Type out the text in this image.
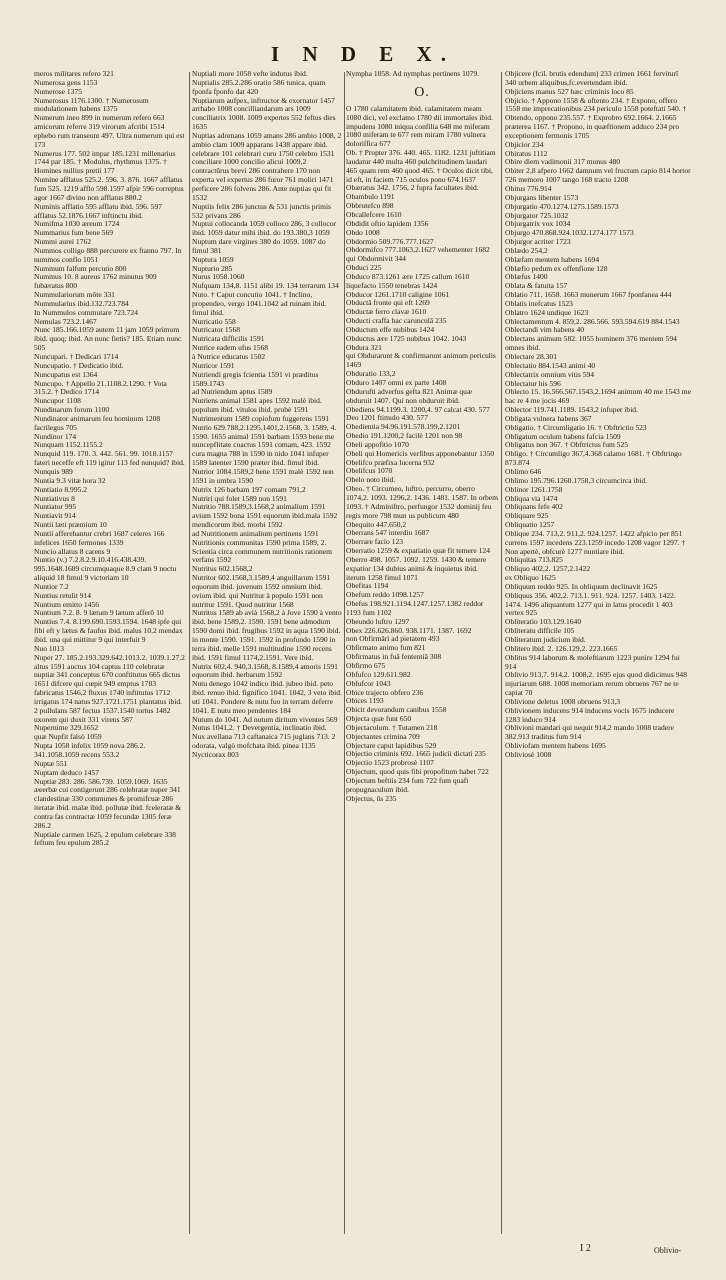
I N D E X.

meros militares refero 321

Numerosa gens 1153

Numerose 1375

Numerosus 1176.1300. † Numerosum modulationem habens 1375

Numerum ineo 899 in numerum refero 663 amicorum referre 319 virorum afcribi 1514 ephebo rum transeunt 497. Ultra numerum qui est 173

Numerus 177. 502 impar 185.1231 millenarius 1744 par 185. † Modulus, rhythmus 1375. † Homines nullius pretii 177

Numine afflatus 525.2. 596. 3. 876. 1667 afflatus fum 525. 1219 afflo 598.1597 afpir 596 correptus agor 1667 divino non afflatus 880.2

Numinis afflatio 595 afflatu ibid. 596. 597 afflatus 52.1876.1667 inftinctu ibid.

Numifma 1030 æreum 1724

Nummarius fum bene 569

Nummi aurei 1762

Nummos colligo 888 percurere ex ftanno 797. In nummos conflo 1051

Nummum falfum percutio 800

Nummus 10. 8 aureus 1762 minutus 909 fubæratus 800

Nummulariorum mōte 331

Nummularius ibid.132.723.784

In Nummulos commutare 723.724

Nemulas 723.2.1467

Nunc 185.166.1059 autem 11 jam 1059 primum ibid. quoq; ibid. An nunc fietis? 185. Etiam nunc 505

Nuncupari. † Dedicari 1714

Nuncupatio. † Dedicatio ibid.

Nuncupatus est 1364

Nuncupo. † Appello 21.1108.2.1290. † Vota 315.2. † Dedico 1714

Nuncupor 1108

Nundinarum forum 1100

Nundinator animarum feu hominum 1208 facrilegus 705

Nundinor 174

Nunquam 1152.1155.2

Nunquid 119. 170. 3. 442. 561. 99. 1018.1157 fateri neceffe eft 119 igitur 113 fed nunquid? ibid.

Nunquis 989

Nuntia 9.3 vitæ hora 32

Nuntiatio 8.995.2

Nuntiativus 8

Nuntiator 995

Nuntiavit 914

Nuntii læti præmium 10

Nuntii afferebantur crebri 1687 celeres 166 infelices 1650 fermones 1339

Nuncio allatus 8 carens 9

Nuntio (v.) 7.2.8.2.9.10.416.438.439. 995.1648.1689 circumquaque 8.9 clam 9 noctu aliquid 18 fimul 9 victoriam 10

Nuntior 7.2

Nuntius retulit 914

Nuntium emitto 1456

Nuntium 7.2. 8. 9 lætum 9 lætum afferō 10

Nuntius 7.4. 8.199.690.1593.1594. 1648 ipfe qui fibi eft y lætus & faufus ibid. malus 10.2 mendax ibid. una qui mittitur 9 qui interfuit 9

Nuo 1013

Nuper 27. 185.2.193.329.642.1013.2. 1039.1.27.2 altus 1591 auctus 104 captus 110 celebratæ nuptiæ 341 conceptus 670 conftitutus 665 dictus 1651 difcere qui cœpit 949 emptus 1783 fabricatus 1546,2 fluxus 1740 inftitutus 1712 irrigatus 174 natus 927.1721.1751 plantatus ibid. 2 pullulans 587 fectus 1537.1540 tortus 1482 uxorem qui duxit 331 virens 587

Nupernime 329.1652

quæ Nupfit falsò 1059

Nupta 1058 infelix 1059 nova 286.2. 341.1058.1059 recens 553.2

Nuptæ 551

Nuptam deduco 1457

Nuptiæ 283. 286. 586.739. 1059.1069. 1635 æeerbæ cui contigerunt 286 celebratæ nuper 341 clandestinæ 330 communes & promifcuæ 286 iteratæ ibid. malæ ibid. pollutæ ibid. fceleratæ & contra fas contractæ 1059 fecundæ 1305 feræ 286.2

Nuptiale carmen 1625, 2 epulum celebrare 338 feftum feu epulum 285.2

Nuptiali more 1058 vefte indutus ibid.

Nuptialis 285.2.286 oratio 586 tunica, quam fponfa fponfo dat 420

Nuptiarum aufpex, inftructor & exornator 1457 arrhabo 1008 concilliandarum ars 1009 conciliatrix 1008. 1009 expertes 552 feftus dies 1635

Nuptias adornans 1059 amans 286 ambio 1008, 2 ambio clam 1009 apparans 1438 appare ibid. celebrare 101 celebrari curo 1750 celebro 1531 conciliare 1000 concilio alicui 1009,2 contractūrus brevi 286 contrahere 170 non experta vel expertus 286 furor 761 moliri 1471 perficere 286 folvens 286. Ante nuptias qui fit 1532

Nuptiis felix 286 junctus & 531 junctis primis 532 privans 286

Nuptui collocanda 1059 colloco 286, 3 collocor ibid. 1059 datur mihi ibid. do 193.380,3 1059

Nuptum dare virgines 380 do 1059. 1087 do fimul 381

Nuptura 1059

Nupturio 285

Nurus 1058.1060

Nufquam 134,8. 1151 alibi 19. 134 terrarum 134

Nuto. † Caput concutio 1041. † Inclino, propendeo, vergo 1041.1042 ad ruinam ibid. fimul ibid.

Nutricatio 558

Nutricator 1568

Nutricata difficilis 1591

Nutrice eadem ufus 1568

à Nutrice educatus 1502

Nutricor 1591

Nutriendi gregis fcientia 1591 vi præditus 1589.1743

ad Nutriendum aptus 1589

Nutriens animal 1581 apes 1592 malè ibid. populum ibid. vitulos ibid. probè 1591

Nutrimentum 1589 copiofum fuggerens 1591

Nutrio 629.788,2.1295.1401,2.1568, 3. 1589, 4. 1590. 1655 animal 1591 barbam 1593 bene me nuncepflitate coactus 1591 comam, 423. 1592 cura magna 788 in 1590 in nido 1041 infuper 1589 latenter 1590 præter ibid. fimul ibid.

Nutrior 1084.1589,2 bene 1591 malè 1592 non 1591 in umbra 1590

Nutrix 126 barbam 197 comam 791,2

Nutriri qui folet 1589 non 1591

Nutritio 788.1589,3.1568,2 animalium 1591 avium 1592 bona 1591 equorum ibid.mala 1592 mendicorum ibid. morbi 1592

ad Nutritionem animalium pertinens 1591

Nutritionis communitas 1590 prima 1589, 2. Scientia circa communem nutritionis rationem verfans 1592

Nutritus 602.1568,2

Nutritor 602.1568,3.1589,4 anguillarum 1591 equorum ibid. juvenum 1592 omnium ibid. ovium ibid. qui Nutritur à populo 1591 non nutritur 1591. Quod nutritur 1568

Nutritus 1589 ab avià 1568,2 à Jove 1590 à vento ibid. bene 1589,2. 1590. 1591 bene admodum 1590 domi ibid. frugibus 1592 in aqua 1590 ibid. in monte 1590. 1591. 1592 in profundo 1590 in terra ibid. melle 1591 multitudine 1590 recens ibid. 1591 fimul 1174,2.1591. Vere ibid.

Nutrix 602,4. 940,3.1568, 8.1589,4 amoris 1591 equorum ibid. herbarum 1592

Nutu denego 1042 indico ibid. jubeo ibid. peto ibid. renuo ibid. fignifico 1041. 1042, 3 veto ibid. uti 1041. Pondere & nutu fuo in terram deferre 1041. E nutu meo pendentes 184

Nutum do 1041. Ad nutum diritum viventes 569

Nutus 1041,2. † Devergentia, inclinatio ibid.

Nux avellana 713 caftanaica 715 juglans 713. 2 odorata, valgò mofchata ibid. pinea 1135

Nycticorax 803

Nympha 1058. Ad nymphas pertinens 1079.

O.

O 1780 calamitatem ibid. calamitatem meam 1080 dici, vel exclamo 1780 dii immortales ibid. impudens 1080 iniqua confilia 648 me miferam 1080 miferam te 677 rem miram 1780 vulnera doloriſfica 677

Ob. † Propter 376. 440. 465. 1182. 1231 juftitiam laudatur 440 multa 460 pulchritudinem laudari 465 quam rem 460 quod 465. † Oculos dicit tibi, id eft, in faciem 715 oculos pono 674.1637

Obæratus 342. 1756, 2 fupra facultates ibid.

Obambulo 1191

Obbrutefco 898

Obcallefcere 1610

Obdidit oftio lapidem 1356

Obdo 1008

Obdormio 509.776.777.1627

Obdormifco 777.1063,2.1627 vehementer 1682

qui Obdormivit 344

Obduci 225

Obduco 873.1261 ære 1725 callum 1610 liquefacto 1550 tenebras 1424

Obducor 1261.1710 caligine 1061

Obductâ fronte qui eft 1269

Obductæ ferro clavæ 1610

Obducti craffa hac carunculâ 235

Obductum effe nubibus 1424

Obductus ære 1725 nubibus 1042. 1043

Obdura 321

qui Obdurarunt & confirmarunt animum periculis 1469

Obduratio 133,2

Obduro 1407 omni ex parte 1408

Obdurufti adverfus gefta 821 Animæ quæ obduruit 1407. Qui non obduruit ibid.

Obediens 94.1199.3. 1200,4. 97 calcat 430. 577 Deo 1201 ftimulo 430. 577

Obedientia 94.96.191.578.199,2.1201

Obedio 191.1200,2 facilè 1201 non 98

Obeli appofitio 1070

Obeli qui Homericis verfibus apponebantur 1350

Obelifco præfixa lucerna 932

Obelifcus 1070

Obelo noto ibid.

Obeo. † Circumeo, luftro, percurro, oberro 1074,2. 1093. 1296,2. 1436. 1481. 1587. In orbem 1093. † Adminiftro, perfungor 1532 dominij feu regis more 798 mun us publicum 480

Obequito 447.650,2

Oberrans 547 interdiu 1687

Oberrare facio 123

Oberratio 1259 & expatiatio quæ fit temere 124

Oberro 498. 1057. 1092. 1259. 1430 & temere expatior 134 dubius animi & inquietus ibid. iterum 1258 fimul 1071

Obefitas 1194

Obefum reddo 1098.1257

Obefus 198.921.1194.1247.1257.1382 reddor 1193 fum 1102

Obeundo luftro 1297

Obex 226.626.860. 938.1171. 1387. 1692

non Obfirmâri ad pietatem 493

Obfirmato animo fum 821

Obfirmatus in fuâ fententiâ 308

Obfirmo 675

Obfufco 129.611.982

Obfufcor 1043

Obice trajecto obfero 236

Obices 1193

Obicit devorandum canibus 1558

Objecta quæ funt 650

Objectaculum. † Tutamen 218

Objectantes crimina 709

Objectare caput lapidibus 529

Objectio criminis 692. 1665 judicii dictati 235

Objectio 1523 probrosè 1107

Objectum, quod quis fibi propofitum habet 722

Objectum beftiis 234 fum 722 fum quafi propugnaculum ibid.

Objectus, ûs 235

Objicere (fcil. brutis edendum) 233 crimen 1661 ferviturî 340 urbem aliquibus,fc.evertendam ibid.

Objiciens manus 527 hæc criminis loco 85

Objicio. † Appono 1558 & oftento 234. † Expono, offero 1558 me imprecationibus 234 periculo 1558 poteftati 540. † Obtendo, oppono 235.557. † Exprobro 692.1664. 2.1665 præterea 1167. † Propono, in quæftionem adduco 234 pro exceptionem fermonis 1705

Objicior 234

Obiratus 1112

Obire diem vadimonii 317 munus 480

Obiter 2,8 afpero 1662 damnum vel fructum capio 814 hortor 726 memoro 1007 tango 168 tracto 1208

Obitus 776.914

Objurgans libenter 1573

Objurgatio 470.1274.1275.1589.1573

Objurgator 725.1032

Objurgatrix vox 1034

Objurgo 470.868.924.1032.1274.177 1573

Objurgor acriter 1723

Oblædo 254,2

Oblæfam mentem habens 1694

Oblæfio pedum ex offenfione 128

Oblæfus 1400

Oblata & fatuita 157

Oblatio 711. 1658. 1663 munerum 1667 fponfanea 444

Oblatis inefcatus 1523

Oblatro 1624 undique 1623

Oblectamentum 4. 859,2. 286.566. 593.594.619 884.1543

Oblectandi vim habens 40

Oblectans animum 582. 1055 hominem 376 mentem 594 omnes ibid.

Oblectare 28.301

Oblectatio 884.1543 animi 40

Oblectatrix omnium vitis 594

Oblectatur his 596

Oblecto 15. 16.566.567.1543,2.1694 animum 40 me 1543 me hac re 4 me jocis 469

Oblector 119.741.1189. 1543,2 infuper ibid.

Obligata vulnera habens 367

Obligatio. † Circumligatio 16. † Obftrictio 523

Obligatum oculum habens fafcia 1509

Obligatus non 367. † Obftrictus fum 525

Obligo. † Circumligo 367,4.368 calamo 1681. † Obftringo 873.874

Oblimo 646

Oblimo 195.796.1260.1758,3 circumcirca ibid.

Oblinor 1261.1758

Obliqua via 1474

Obliquans fefe 402

Obliquare 925

Obliquatio 1257

Oblique 234. 713,2. 911,2. 924.1257. 1422 afpicio per 851 currens 1597 incedens 223.1259 incedo 1208 vagor 1297. † Non apertè, obfcurè 1277 nuntiare ibid.

Obliquitas 713.825

Obliquo 402,2. 1257,2.1422

ex Obliquo 1625

Obliquum reddo 925. In obliquum declinavit 1625

Obliquus 356. 402,2. 713.1. 911. 924. 1257. 1403. 1422. 1474. 1496 aliquantum 1277 qui in latus procedit 1 403 vertex 925

Obliteratio 103.129.1640

Obliteratu difficile 105

Obliteratum judicium ibid.

Oblitero ibid. 2. 126.129,2. 223.1665

Oblitus 914 laborum & moleftiarum 1223 punire 1294 fui 914

Oblivio 913,7. 914,2. 1008,2. 1695 ejus quod didicimus 948 injuriarum 688. 1008 memoriam rerum obruens 767 ne te capiat 70

Oblivione deletus 1008 obruens 913,3

Oblivionem inducens 914 inducens vocis 1675 inducere 1283 induco 914

Oblivioni mandari qui nequit 914,2 mando 1008 tradere 382.913 traditus fum 914

Obliviofam mentem habens 1695

Obliviosè 1008

I 2	Oblivio-
